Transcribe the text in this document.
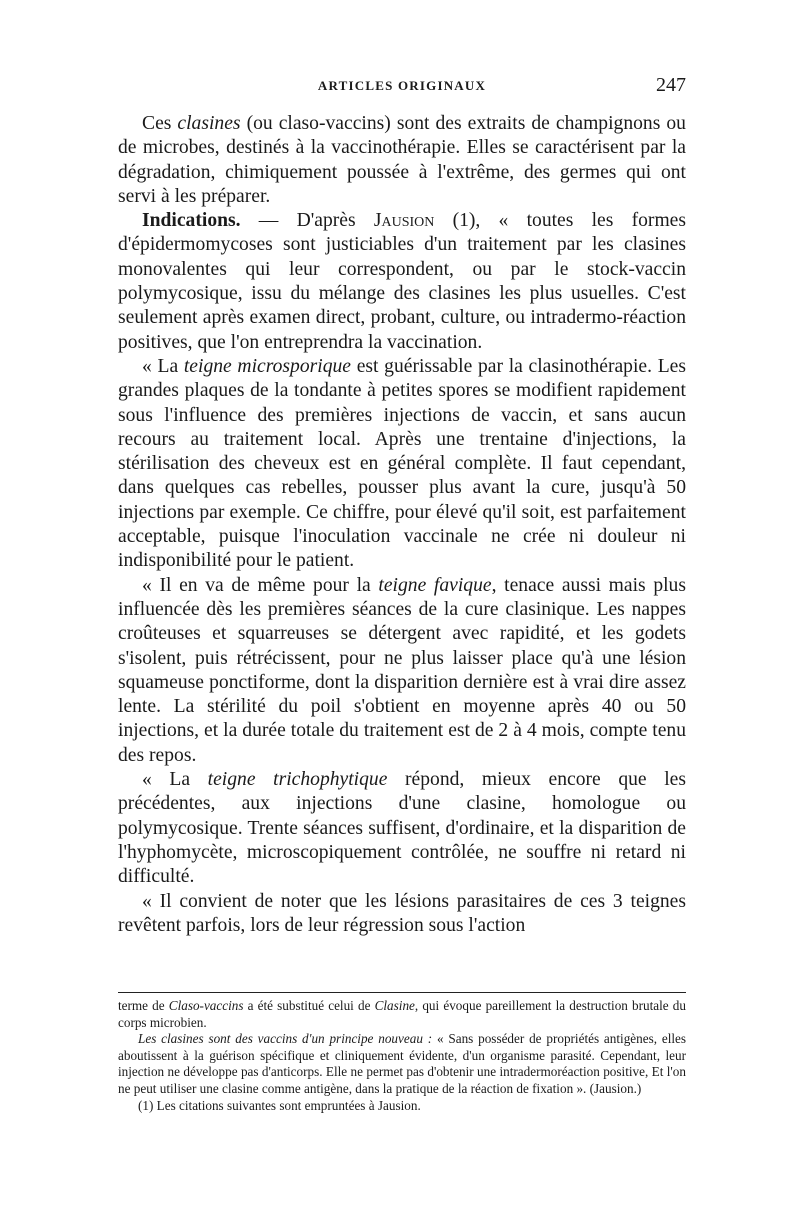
ARTICLES ORIGINAUX	247

Ces clasines (ou claso-vaccins) sont des extraits de champignons ou de microbes, destinés à la vaccinothérapie. Elles se caractérisent par la dégradation, chimiquement poussée à l'extrême, des germes qui ont servi à les préparer.

Indications. — D'après Jausion (1), « toutes les formes d'épidermomycoses sont justiciables d'un traitement par les clasines monovalentes qui leur correspondent, ou par le stock-vaccin polymycosique, issu du mélange des clasines les plus usuelles. C'est seulement après examen direct, probant, culture, ou intradermo-réaction positives, que l'on entreprendra la vaccination.

« La teigne microsporique est guérissable par la clasinothérapie. Les grandes plaques de la tondante à petites spores se modifient rapidement sous l'influence des premières injections de vaccin, et sans aucun recours au traitement local. Après une trentaine d'injections, la stérilisation des cheveux est en général complète. Il faut cependant, dans quelques cas rebelles, pousser plus avant la cure, jusqu'à 50 injections par exemple. Ce chiffre, pour élevé qu'il soit, est parfaitement acceptable, puisque l'inoculation vaccinale ne crée ni douleur ni indisponibilité pour le patient.

« Il en va de même pour la teigne favique, tenace aussi mais plus influencée dès les premières séances de la cure clasinique. Les nappes croûteuses et squarreuses se détergent avec rapidité, et les godets s'isolent, puis rétrécissent, pour ne plus laisser place qu'à une lésion squameuse ponctiforme, dont la disparition dernière est à vrai dire assez lente. La stérilité du poil s'obtient en moyenne après 40 ou 50 injections, et la durée totale du traitement est de 2 à 4 mois, compte tenu des repos.

« La teigne trichophytique répond, mieux encore que les précédentes, aux injections d'une clasine, homologue ou polymycosique. Trente séances suffisent, d'ordinaire, et la disparition de l'hyphomycète, microscopiquement contrôlée, ne souffre ni retard ni difficulté.

« Il convient de noter que les lésions parasitaires de ces 3 teignes revêtent parfois, lors de leur régression sous l'action

terme de Claso-vaccins a été substitué celui de Clasine, qui évoque pareillement la destruction brutale du corps microbien.

Les clasines sont des vaccins d'un principe nouveau : « Sans posséder de propriétés antigènes, elles aboutissent à la guérison spécifique et cliniquement évidente, d'un organisme parasité. Cependant, leur injection ne développe pas d'anticorps. Elle ne permet pas d'obtenir une intradermoréaction positive, Et l'on ne peut utiliser une clasine comme antigène, dans la pratique de la réaction de fixation ». (Jausion.)

(1) Les citations suivantes sont empruntées à Jausion.
